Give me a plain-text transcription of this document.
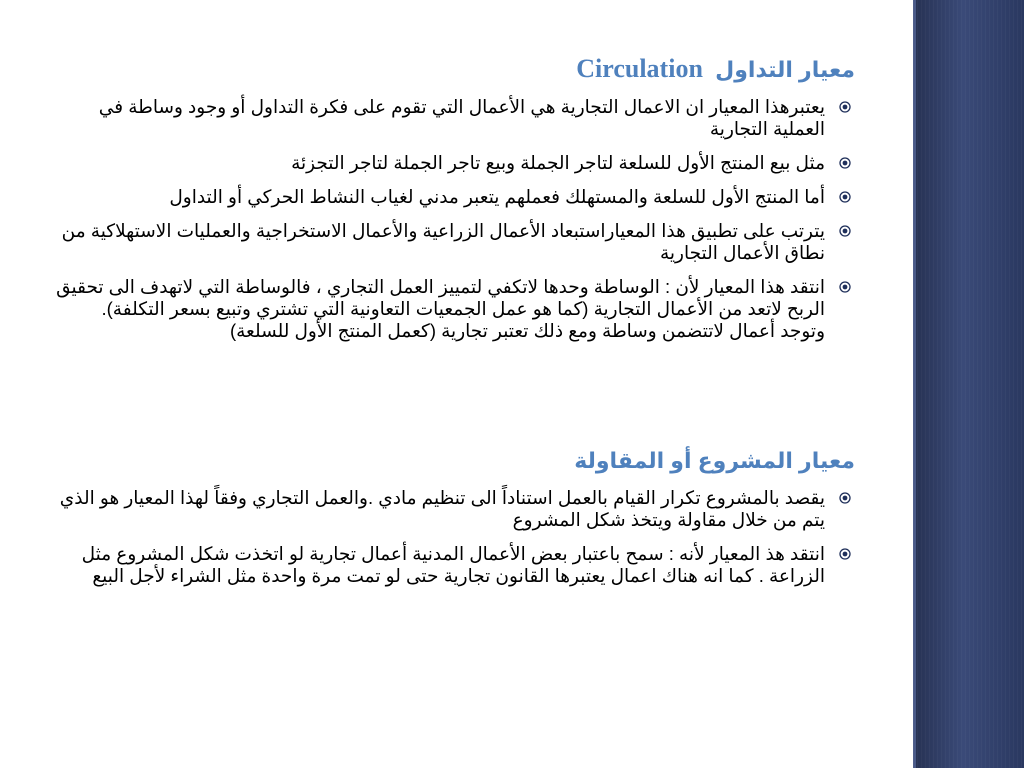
معيار التداول  Circulation
يعتبرهذا المعيار ان الاعمال التجارية هي الأعمال التي تقوم على فكرة التداول أو وجود وساطة في العملية التجارية
مثل بيع المنتج الأول للسلعة لتاجر الجملة وبيع تاجر الجملة لتاجر التجزئة
أما المنتج الأول للسلعة والمستهلك فعملهم يتعبر مدني لغياب النشاط الحركي أو التداول
يترتب على تطبيق هذا المعياراستبعاد الأعمال الزراعية والأعمال الاستخراجية والعمليات الاستهلاكية من نطاق الأعمال التجارية
انتقد هذا المعيار لأن : الوساطة وحدها لاتكفي لتمييز العمل التجاري ، فالوساطة التي لاتهدف الى تحقيق الربح لاتعد من الأعمال التجارية (كما هو عمل الجمعيات التعاونية التي تشتري وتبيع بسعر التكلفة). وتوجد أعمال لاتتضمن وساطة ومع ذلك تعتبر تجارية (كعمل المنتج الأول للسلعة)
معيار المشروع أو المقاولة
يقصد بالمشروع تكرار القيام بالعمل استناداً الى تنظيم مادي .والعمل التجاري وفقاً لهذا المعيار هو الذي يتم من خلال مقاولة ويتخذ شكل المشروع
انتقد هذ المعيار لأنه : سمح باعتبار بعض الأعمال المدنية أعمال تجارية لو اتخذت شكل المشروع مثل الزراعة . كما انه هناك اعمال يعتبرها القانون تجارية حتى لو تمت مرة واحدة مثل الشراء لأجل البيع
